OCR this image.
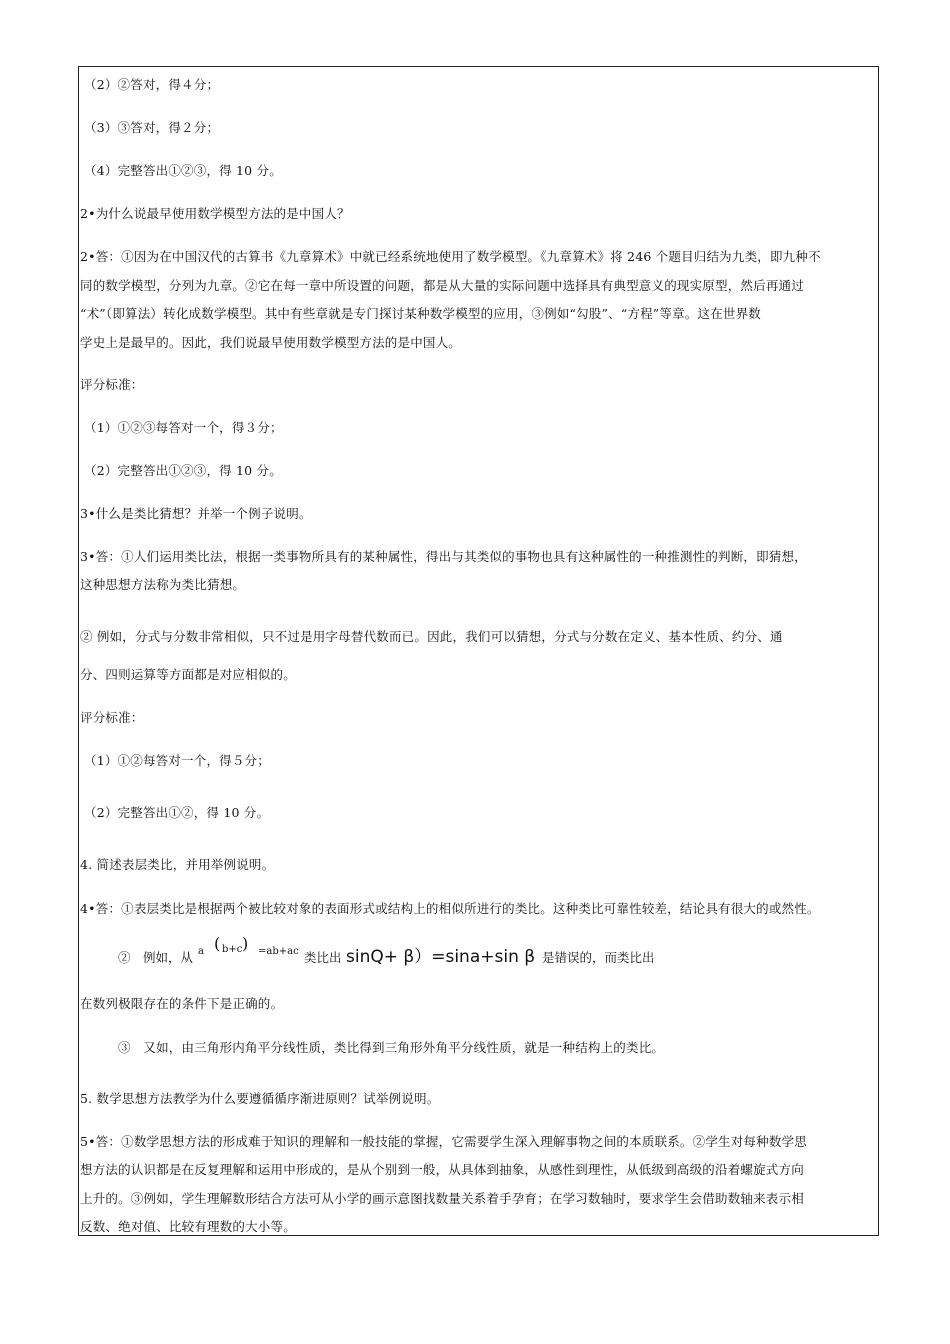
（2）②答对，得４分；
（3）③答对，得２分；
（4）完整答出①②③，得 10 分。
2•为什么说最早使用数学模型方法的是中国人？
2•答：①因为在中国汉代的古算书《九章算术》中就已经系统地使用了数学模型。《九章算术》将 246 个题目归结为九类，即九种不
同的数学模型，分列为九章。②它在每一章中所设置的问题，都是从大量的实际问题中选择具有典型意义的现实原型，然后再通过
“术”（即算法）转化成数学模型。其中有些章就是专门探讨某种数学模型的应用，③例如“勾股”、“方程”等章。这在世界数
学史上是最早的。因此，我们说最早使用数学模型方法的是中国人。
评分标准：
（1）①②③每答对一个，得３分；
（2）完整答出①②③，得 10 分。
3•什么是类比猜想？并举一个例子说明。
3•答：①人们运用类比法，根据一类事物所具有的某种属性，得出与其类似的事物也具有这种属性的一种推测性的判断，即猜想，
这种思想方法称为类比猜想。
② 例如，分式与分数非常相似，只不过是用字母替代数而已。因此，我们可以猜想，分式与分数在定义、基本性质、约分、通
分、四则运算等方面都是对应相似的。
评分标准：
（1）①②每答对一个，得５分；
（2）完整答出①②，得 10 分。
4. 简述表层类比，并用举例说明。
4•答：①表层类比是根据两个被比较对象的表面形式或结构上的相似所进行的类比。这种类比可靠性较差，结论具有很大的或然性。
②　例如，从 a ( b+c ) =ab+ac 类比出 sinQ+ β）=sina+sin β 是错误的，而类比出
在数列极限存在的条件下是正确的。
③　又如，由三角形内角平分线性质，类比得到三角形外角平分线性质，就是一种结构上的类比。
5. 数学思想方法教学为什么要遵循循序渐进原则？试举例说明。
5•答：①数学思想方法的形成难于知识的理解和一般技能的掌握，它需要学生深入理解事物之间的本质联系。②学生对每种数学思
想方法的认识都是在反复理解和运用中形成的，是从个别到一般，从具体到抽象，从感性到理性，从低级到高级的沿着螺旋式方向
上升的。③例如，学生理解数形结合方法可从小学的画示意图找数量关系着手孕育；在学习数轴时，要求学生会借助数轴来表示相
反数、绝对值、比较有理数的大小等。
